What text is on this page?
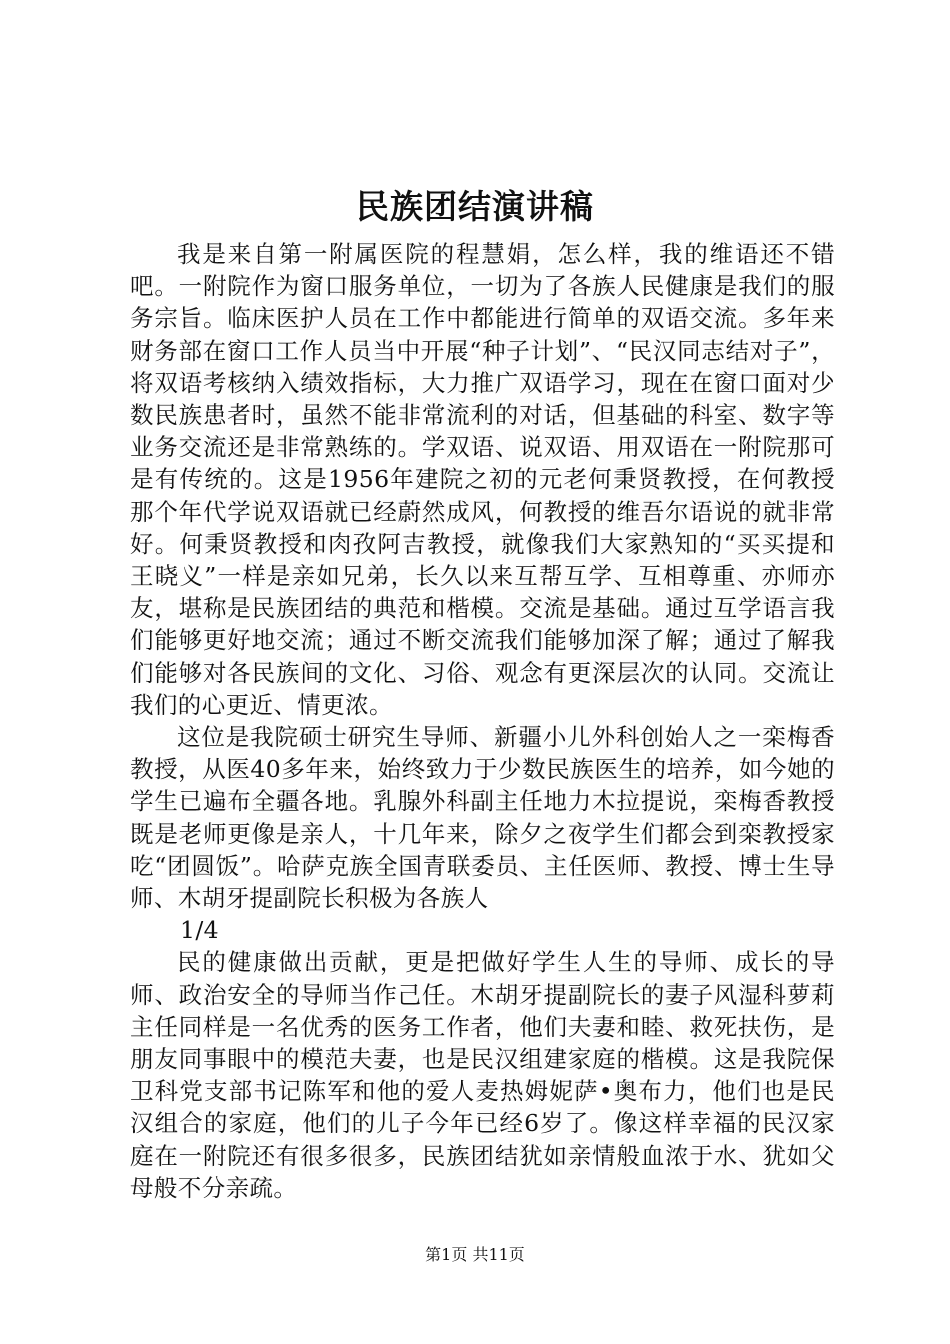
民族团结演讲稿

我是来自第一附属医院的程慧娟，怎么样，我的维语还不错吧。一附院作为窗口服务单位，一切为了各族人民健康是我们的服务宗旨。临床医护人员在工作中都能进行简单的双语交流。多年来财务部在窗口工作人员当中开展“种子计划”、“民汉同志结对子”，将双语考核纳入绩效指标，大力推广双语学习，现在在窗口面对少数民族患者时，虽然不能非常流利的对话，但基础的科室、数字等业务交流还是非常熟练的。学双语、说双语、用双语在一附院那可是有传统的。这是1956年建院之初的元老何秉贤教授，在何教授那个年代学说双语就已经蔚然成风，何教授的维吾尔语说的就非常好。何秉贤教授和肉孜阿吉教授，就像我们大家熟知的“买买提和王晓义”一样是亲如兄弟，长久以来互帮互学、互相尊重、亦师亦友，堪称是民族团结的典范和楷模。交流是基础。通过互学语言我们能够更好地交流；通过不断交流我们能够加深了解；通过了解我们能够对各民族间的文化、习俗、观念有更深层次的认同。交流让我们的心更近、情更浓。

这位是我院硕士研究生导师、新疆小儿外科创始人之一栾梅香教授，从医40多年来，始终致力于少数民族医生的培养，如今她的学生已遍布全疆各地。乳腺外科副主任地力木拉提说，栾梅香教授既是老师更像是亲人，十几年来，除夕之夜学生们都会到栾教授家吃“团圆饭”。哈萨克族全国青联委员、主任医师、教授、博士生导师、木胡牙提副院长积极为各族人

1/4

民的健康做出贡献，更是把做好学生人生的导师、成长的导师、政治安全的导师当作己任。木胡牙提副院长的妻子风湿科萝莉主任同样是一名优秀的医务工作者，他们夫妻和睦、救死扶伤，是朋友同事眼中的模范夫妻，也是民汉组建家庭的楷模。这是我院保卫科党支部书记陈军和他的爱人麦热姆妮萨•奥布力，他们也是民汉组合的家庭，他们的儿子今年已经6岁了。像这样幸福的民汉家庭在一附院还有很多很多，民族团结犹如亲情般血浓于水、犹如父母般不分亲疏。

第1页 共11页
